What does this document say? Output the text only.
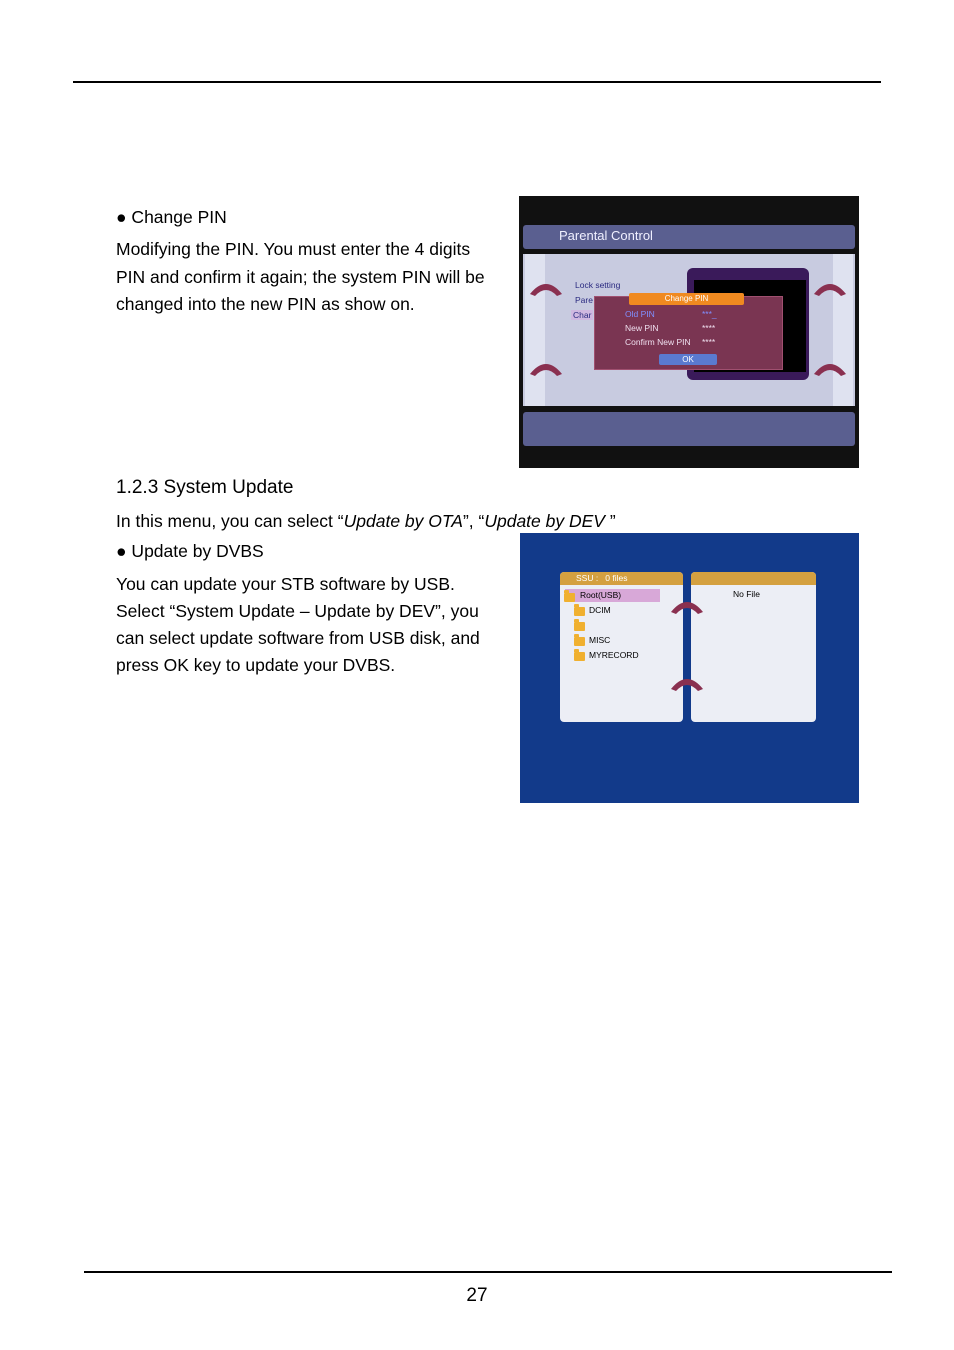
● Change PIN
Modifying the PIN. You must enter the 4 digits
PIN and confirm it again; the system PIN will be
changed into the new PIN as show on.
Parental Control
Lock setting
Pare
Char
Change PIN
Old PIN	***_
New PIN	****
Confirm New PIN ****
OK
1.2.3 System Update
In this menu, you can select “Update by OTA”, “Update by DEV ”
● Update by DVBS
You can update your STB software by USB.
Select “System Update – Update by DEV”, you
can select update software from USB disk, and
press OK key to update your DVBS.
SSU :   0 files
Root(USB)
DCIM
MISC
MYRECORD
No File
27
